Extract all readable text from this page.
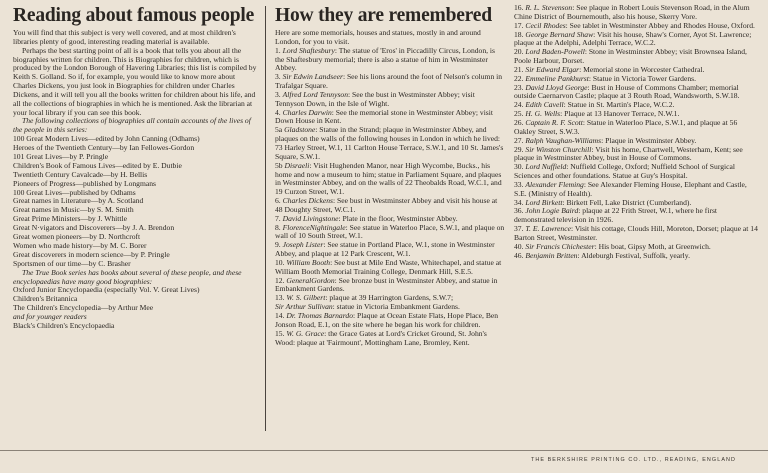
Reading about famous people

You will find that this subject is very well covered, and at most children's libraries plenty of good, interesting reading material is available.

Perhaps the best starting point of all is a book that tells you about all the biographies written for children. This is Biographies for children, which is produced by the London Borough of Havering Libraries; this list is compiled by Keith S. Golland. So if, for example, you would like to know more about Charles Dickens, you just look in Biographies for children under Charles Dickens, and it will tell you all the books written for children about his life, and all the collections of biographies in which he is mentioned. Ask the librarian at your local library if you can see this book.

The following collections of biographies all contain accounts of the lives of the people in this series:

100 Great Modern Lives—edited by John Canning (Odhams)
Heroes of the Twentieth Century—by Ian Fellowes-Gordon
101 Great Lives—by P. Pringle
Children's Book of Famous Lives—edited by E. Dutbie
Twentieth Century Cavalcade—by H. Bellis
Pioneers of Progress—published by Longmans
100 Great Lives—published by Odhams
Great names in Literature—by A. Scotland
Great names in Music—by S. M. Smith
Great Prime Ministers—by J. Whittle
Great N·vigators and Discoverers—by J. A. Brendon
Great women pioneers—by D. Northcroft
Women who made history—by M. C. Borer
Great discoverers in modern science—by P. Pringle
Sportsmen of our time—by C. Brasher

The True Book series has books about several of these people, and these encyclopaedias have many good biographies:

Oxford Junior Encyclopaedia (especially Vol. V. Great Lives)
Children's Britannica
The Children's Encyclopedia—by Arthur Mee

and for younger readers

Black's Children's Encyclopaedia

How they are remembered

Here are some memorials, houses and statues, mostly in and around London, for you to visit.

1. Lord Shaftesbury: The statue of 'Eros' in Piccadilly Circus, London, is the Shaftesbury memorial; there is also a statue of him in Westminster Abbey.

3. Sir Edwin Landseer: See his lions around the foot of Nelson's column in Trafalgar Square.

3. Alfred Lord Tennyson: See the bust in Westminster Abbey; visit Tennyson Down, in the Isle of Wight.

4. Charles Darwin: See the memorial stone in Westminster Abbey; visit Down House in Kent.

5a Gladstone: Statue in the Strand; plaque in Westminster Abbey, and plaques on the walls of the following houses in London in which he lived: 73 Harley Street, W.1, 11 Carlton House Terrace, S.W.1, and 10 St. James's Square, S.W.1.

5b Disraeli: Visit Hughenden Manor, near High Wycombe, Bucks., his home and now a museum to him; statue in Parliament Square, and plaques in Westminster Abbey, and on the walls of 22 Theobalds Road, W.C.1, and 19 Curzon Street, W.1.

6. Charles Dickens: See bust in Westminster Abbey and visit his house at 48 Doughty Street, W.C.1.

7. David Livingstone: Plate in the floor, Westminster Abbey.

8. FlorenceNightingale: See statue in Waterloo Place, S.W.1, and plaque on wall of 10 South Street, W.1.

9. Joseph Lister: See statue in Portland Place, W.1, stone in Westminster Abbey, and plaque at 12 Park Crescent, W.1.

10. William Booth: See bust at Mile End Waste, Whitechapel, and statue at William Booth Memorial Training College, Denmark Hill, S.E.5.

12. GeneralGordon: See bronze bust in Westminster Abbey, and statue in Embankment Gardens.

13. W. S. Gilbert: plaque at 39 Harrington Gardens, S.W.7;

Sir Arthur Sullivan: statue in Victoria Embankment Gardens.

14. Dr. Thomas Barnardo: Plaque at Ocean Estate Flats, Hope Place, Ben Jonson Road, E.1, on the site where he began his work for children.

15. W. G. Grace: the Grace Gates at Lord's Cricket Ground, St. John's Wood: plaque at 'Fairmount', Mottingham Lane, Bromley, Kent.

16. R. L. Stevenson: See plaque in Robert Louis Stevenson Road, in the Alum Chine District of Bournemouth, also his house, Skerry Vore.

17. Cecil Rhodes: See tablet in Westminster Abbey and Rhodes House, Oxford.

18. George Bernard Shaw: Visit his house, Shaw's Corner, Ayot St. Lawrence; plaque at the Adelphi, Adelphi Terrace, W.C.2.

20. Lord Baden-Powell: Stone in Westminster Abbey; visit Brownsea Island, Poole Harbour, Dorset.

21. Sir Edward Elgar: Memorial stone in Worcester Cathedral.

22. Emmeline Pankhurst: Statue in Victoria Tower Gardens.

23. David Lloyd George: Bust in House of Commons Chamber; memorial outside Caernarvon Castle; plaque at 3 Routh Road, Wandsworth, S.W.18.

24. Edith Cavell: Statue in St. Martin's Place, W.C.2.

25. H. G. Wells: Plaque at 13 Hanover Terrace, N.W.1.

26. Captain R. F. Scott: Statue in Waterloo Place, S.W.1, and plaque at 56 Oakley Street, S.W.3.

27. Ralph Vaughan-Williams: Plaque in Westminster Abbey.

29. Sir Winston Churchill: Visit his home, Chartwell, Westerham, Kent; see plaque in Westminster Abbey, bust in House of Commons.

30. Lord Nuffield: Nuffield College, Oxford; Nuffield School of Surgical Sciences and other foundations. Statue at Guy's Hospital.

33. Alexander Fleming: See Alexander Fleming House, Elephant and Castle, S.E. (Ministry of Health).

34. Lord Birkett: Birkett Fell, Lake District (Cumberland).

36. John Logie Baird: plaque at 22 Frith Street, W.1, where he first demonstrated television in 1926.

37. T. E. Lawrence: Visit his cottage, Clouds Hill, Moreton, Dorset; plaque at 14 Barton Street, Westminster.

40. Sir Francis Chichester: His boat, Gipsy Moth, at Greenwich.

46. Benjamin Britten: Aldeburgh Festival, Suffolk, yearly.

THE BERKSHIRE PRINTING CO. LTD., READING, ENGLAND
